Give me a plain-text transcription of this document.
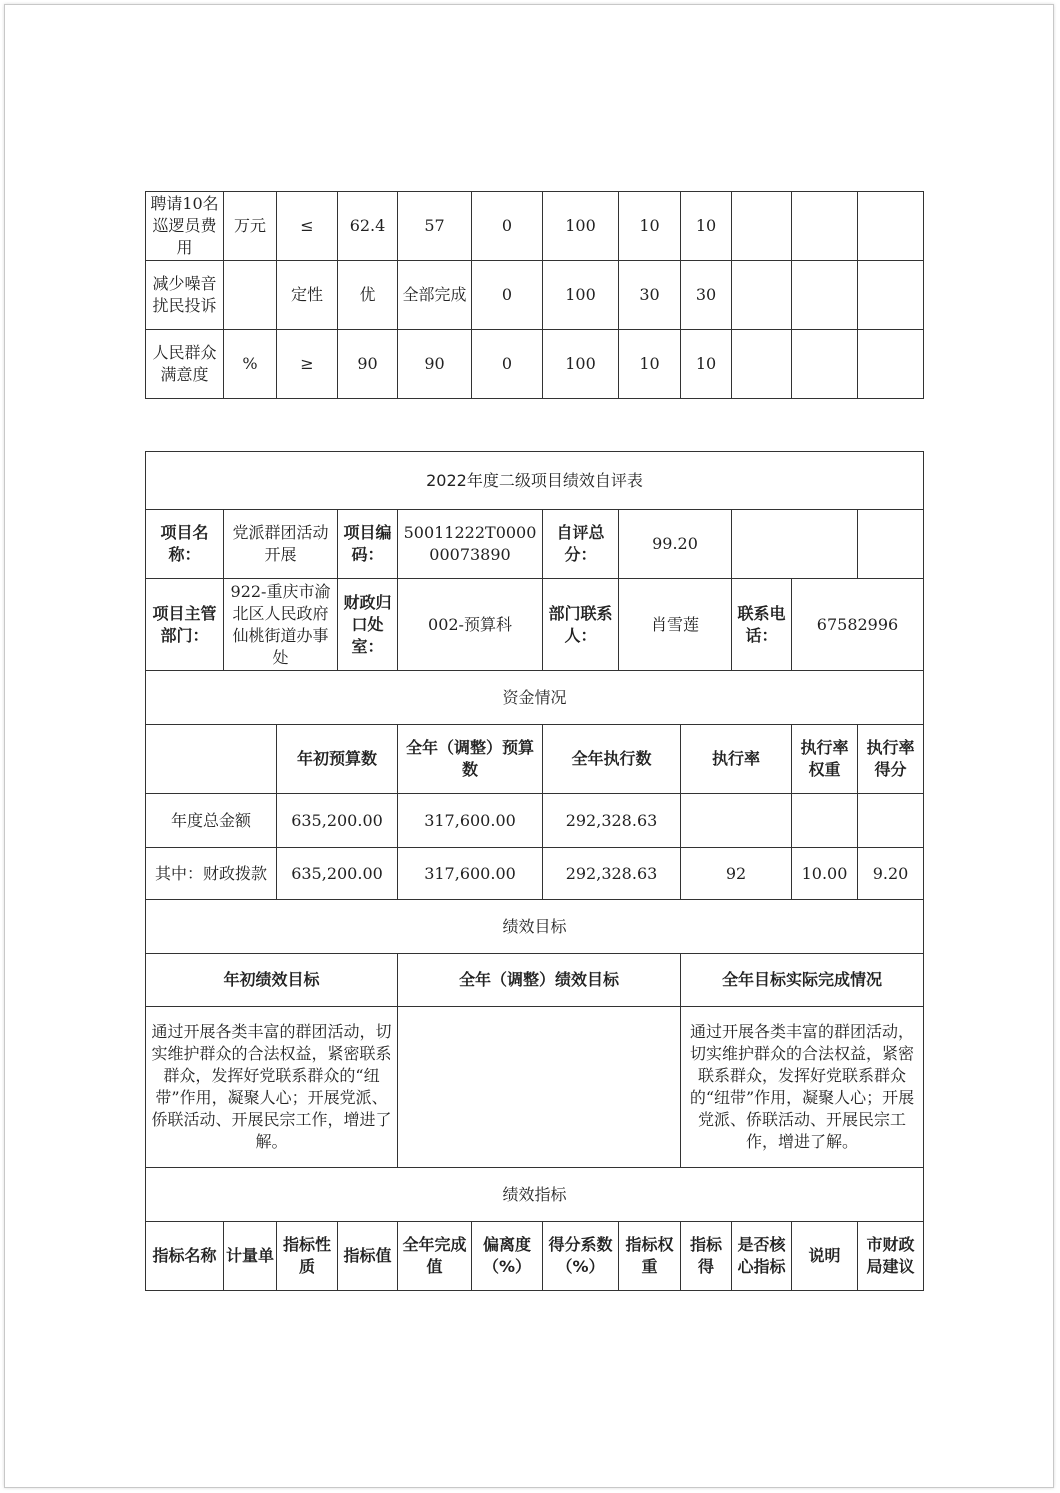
聘请10名巡逻员费用	万元	≤	62.4	57	0	100	10	10			
减少噪音扰民投诉		定性	优	全部完成	0	100	30	30			
人民群众满意度	%	≥	90	90	0	100	10	10			
2022年度二级项目绩效自评表											
项目名称：	党派群团活动开展		项目编码：	50011222T000000073890		自评总分：	99.20				
项目主管部门：	922-重庆市渝北区人民政府仙桃街道办事处		财政归口处室：	002-预算科		部门联系人：	肖雪莲		联系电话：	67582996	
资金情况											
		年初预算数		全年（调整）预算数		全年执行数		执行率		执行率权重	执行率得分
年度总金额		635,200.00		317,600.00		292,328.63					
其中：财政拨款		635,200.00		317,600.00		292,328.63		92		10.00	9.20
绩效目标											
年初绩效目标				全年（调整）绩效目标				全年目标实际完成情况			
通过开展各类丰富的群团活动，切实维护群众的合法权益，紧密联系群众，发挥好党联系群众的“纽带”作用，凝聚人心；开展党派、侨联活动、开展民宗工作，增进了解。								通过开展各类丰富的群团活动，切实维护群众的合法权益，紧密联系群众，发挥好党联系群众的“纽带”作用，凝聚人心；开展党派、侨联活动、开展民宗工作，增进了解。			
绩效指标											
指标名称	计量单	指标性质	指标值	全年完成值	偏离度（%）	得分系数（%）	指标权重	指标得	是否核心指标	说明	市财政局建议
